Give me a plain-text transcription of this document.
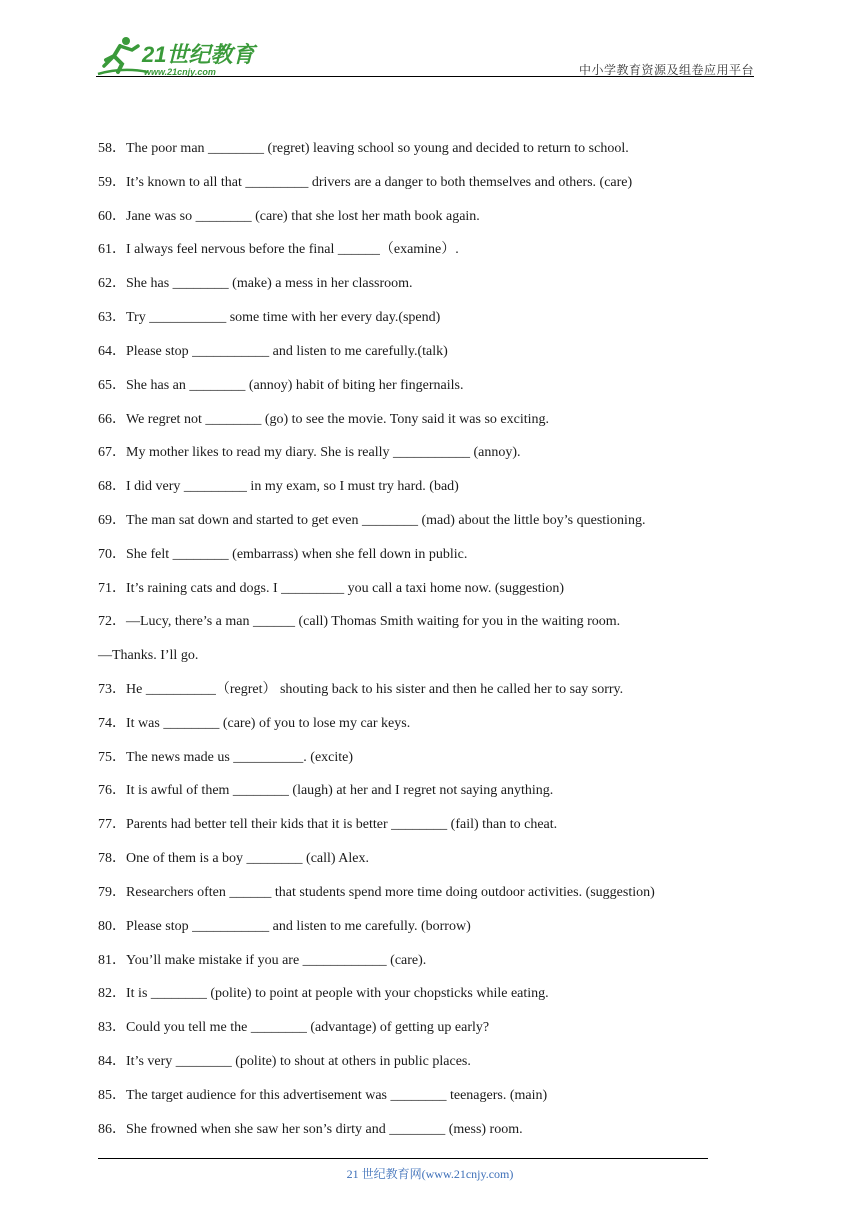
21世纪教育
www.21cnjy.com	中小学教育资源及组卷应用平台
58．The poor man ________ (regret) leaving school so young and decided to return to school.
59．It’s known to all that _________ drivers are a danger to both themselves and others. (care)
60．Jane was so ________ (care) that she lost her math book again.
61．I always feel nervous before the final ______（examine）.
62．She has ________ (make) a mess in her classroom.
63．Try ___________ some time with her every day.(spend)
64．Please stop ___________ and listen to me carefully.(talk)
65．She has an ________ (annoy) habit of biting her fingernails.
66．We regret not ________ (go) to see the movie. Tony said it was so exciting.
67．My mother likes to read my diary. She is really ___________ (annoy).
68．I did very _________ in my exam, so I must try hard. (bad)
69．The man sat down and started to get even ________ (mad) about the little boy’s questioning.
70．She felt ________ (embarrass) when she fell down in public.
71．It’s raining cats and dogs. I _________ you call a taxi home now. (suggestion)
72．—Lucy, there’s a man ______ (call) Thomas Smith waiting for you in the waiting room.
—Thanks. I’ll go.
73．He __________（regret） shouting back to his sister and then he called her to say sorry.
74．It was ________ (care) of you to lose my car keys.
75．The news made us __________. (excite)
76．It is awful of them ________ (laugh) at her and I regret not saying anything.
77．Parents had better tell their kids that it is better ________ (fail) than to cheat.
78．One of them is a boy ________ (call) Alex.
79．Researchers often ______ that students spend more time doing outdoor activities. (suggestion)
80．Please stop ___________ and listen to me carefully. (borrow)
81．You’ll make mistake if you are ____________ (care).
82．It is ________ (polite) to point at people with your chopsticks while eating.
83．Could you tell me the ________ (advantage) of getting up early?
84．It’s very ________ (polite) to shout at others in public places.
85．The target audience for this advertisement was ________ teenagers. (main)
86．She frowned when she saw her son’s dirty and ________ (mess) room.
21 世纪教育网(www.21cnjy.com)
